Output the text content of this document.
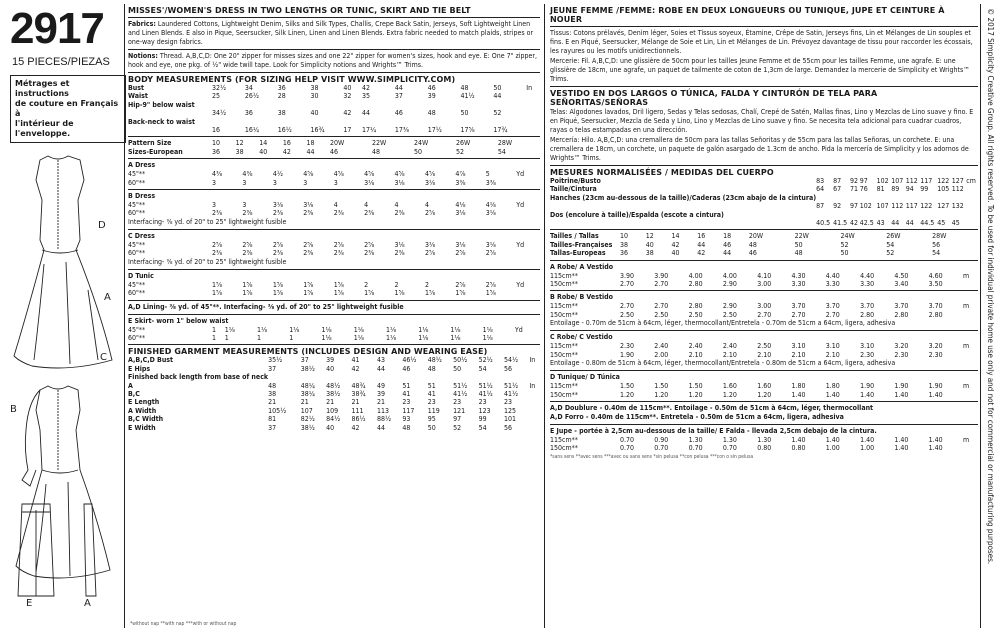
2917
15 PIECES/PIEZAS
Métrages et instructions
de couture en Français à
l'intérieur de
l'enveloppe.
D
A
C
B
E	A
MISSES'/WOMEN'S DRESS IN TWO LENGTHS OR TUNIC, SKIRT AND TIE BELT
Fabrics: Laundered Cottons, Lightweight Denim, Silks and Silk Types, Challis, Crepe Back Satin, Jerseys, Soft Lightweight Linen and Linen Blends. E also in Pique, Seersucker, Silk Linen, Linen and Linen Blends. Extra fabric needed to match plaids, stripes or one-way design fabrics.
Notions: Thread. A,B,C,D: One 20" zipper for misses sizes and one 22" zipper for women's sizes, hook and eye. E: One 7" zipper, hook and eye, one pkg. of ½" wide twill tape. Look for Simplicity notions and Wrights™ Trims.
BODY MEASUREMENTS (FOR SIZING HELP VISIT WWW.SIMPLICITY.COM)
Bust	32½	34	36	38	40	42	44	46	48	50	In
Waist	25	26½	28	30	32	35	37	39	41½	44	
Hip-9" below waist											
	34½	36	38	40	42	44	46	48	50	52	
Back-neck to waist											
	16	16¼	16½	16¾	17	17¼	17⅜	17½	17⅝	17¾	
Pattern Size	10	12	14	16	18	20W	22W	24W	26W	28W
Sizes-European	36	38	40	42	44	46	48	50	52	54
A Dress
45"**	4⅜	4⅜	4½	4⅝	4⅝	4⅝	4⅝	4⅝	4⅞	5	Yd
60"**	3	3	3	3	3	3⅛	3⅛	3⅛	3⅜	3⅜	
B Dress
45"**	3	3	3⅛	3⅛	4	4	4	4	4⅛	4⅛	Yd
60"**	2⅜	2⅜	2⅜	2⅜	2⅜	2⅜	2⅜	2⅝	3⅛	3⅛	
Interfacing- ⅜ yd. of 20" to 25" lightweight fusible
C Dress
45"**	2⅝	2⅝	2⅝	2⅝	2⅝	2⅝	3⅛	3⅛	3⅛	3⅛	Yd
60"**	2⅜	2⅜	2⅜	2⅜	2⅜	2⅜	2⅜	2⅝	2⅝	2⅝	
Interfacing- ⅜ yd. of 20" to 25" lightweight fusible
D Tunic
45"**	1⅝	1⅝	1⅝	1⅝	1⅝	2	2	2	2⅝	2⅝	Yd
60"**	1⅝	1⅝	1⅝	1⅝	1⅝	1⅝	1⅝	1⅝	1⅝	1⅝	
A,D Lining- ⅜ yd. of 45"**. Interfacing- ⅜ yd. of 20" to 25" lightweight fusible
E Skirt- worn 1" below waist
45"**	1	1⅛	1⅛	1⅛	1⅛	1⅛	1⅛	1⅛	1⅛	1⅛	Yd
60"**	1	1	1	1	1⅛	1⅛	1⅛	1⅛	1⅛	1⅛	
FINISHED GARMENT MEASUREMENTS (INCLUDES DESIGN AND WEARING EASE)
A,B,C,D Bust	35½	37	39	41	43	46½	48½	50½	52½	54½	In
E Hips	37	38½	40	42	44	46	48	50	54	56	
Finished back length from base of neck											
A	48	48¼	48½	48¾	49	51	51	51½	51½	51½	In
B,C	38	38¼	38½	38¾	39	41	41	41½	41½	41½	
E Length	21	21	21	21	21	23	23	23	23	23	
A Width	105½	107	109	111	113	117	119	121	123	125	
B,C Width	81	82½	84½	86½	88½	93	95	97	99	101	
E Width	37	38½	40	42	44	48	50	52	54	56	
JEUNE FEMME /FEMME: ROBE EN DEUX LONGUEURS OU TUNIQUE, JUPE ET CEINTURE À NOUER
Tissus: Cotons prélavés, Denim léger, Soies et Tissus soyeux, Étamine, Crêpe de Satin, Jerseys fins, Lin et Mélanges de Lin souples et fins. E en Piqué, Seersucker, Mélange de Soie et Lin, Lin et Mélanges de Lin. Prévoyez davantage de tissu pour raccorder les écossais, les rayures ou les motifs unidirectionnels.
Mercerie: Fil. A,B,C,D: une glissière de 50cm pour les tailles Jeune Femme et de 55cm pour les tailles Femme, une agrafe. E: une glissière de 18cm, une agrafe, un paquet de tailmente de coton de 1,3cm de large. Demandez la mercerie de Simplicity et Wrights™ Trims.
VESTIDO EN DOS LARGOS O TÚNICA, FALDA Y CINTURÓN DE TELA PARA SEÑORITAS/SEÑORAS
Telas: Algodones lavados, Dril ligero, Sedas y Telas sedosas, Chalí, Crepé de Satén, Mallas finas, Lino y Mezclas de Lino suave y fino. E en Piqué, Seersucker, Mezcla de Seda y Lino, Lino y Mezclas de Lino suave y fino. Se necesita tela adicional para cuadrar cuadros, rayas o telas estampadas en una dirección.
Mercería: Hilo. A,B,C,D: una cremallera de 50cm para las tallas Señoritas y de 55cm para las tallas Señoras, un corchete. E: una cremallera de 18cm, un corchete, un paquete de galón asargado de 1.3cm de ancho. Pida la mercería de Simplicity y los adornos de Wrights™ Trims.
MESURES NORMALISÉES / MEDIDAS DEL CUERPO
Poitrine/Busto	83	87	92	97	102	107	112	117	122	127	cm
Taille/Cintura	64	67	71	76	81	89	94	99	105	112	
Hanches (23cm au-dessous de la taille)/Caderas (23cm abajo de la cintura)											
	87	92	97	102	107	112	117	122	127	132	
Dos (encolure à taille)/Espalda (escote a cintura)											
	40.5	41.5	42	42.5	43	44	44	44.5	45	45	
Tailles / Tallas	10	12	14	16	18	20W	22W	24W	26W	28W
Tailles-Françaises	38	40	42	44	46	48	50	52	54	56
Tallas-Europeas	36	38	40	42	44	46	48	50	52	54
A Robe/ A Vestido
115cm**	3.90	3.90	4.00	4.00	4.10	4.30	4.40	4.40	4.50	4.60	m
150cm**	2.70	2.70	2.80	2.90	3.00	3.30	3.30	3.30	3.40	3.50	
B Robe/ B Vestido
115cm**	2.70	2.70	2.80	2.90	3.00	3.70	3.70	3.70	3.70	3.70	m
150cm**	2.50	2.50	2.50	2.50	2.70	2.70	2.70	2.80	2.80	2.80	
Entoilage - 0.70m de 51cm à 64cm, léger, thermocollant/Entretela - 0.70m de 51cm a 64cm, ligera, adhesiva
C Robe/ C Vestido
115cm**	2.30	2.40	2.40	2.40	2.50	3.10	3.10	3.10	3.20	3.20	m
150cm**	1.90	2.00	2.10	2.10	2.10	2.10	2.10	2.30	2.30	2.30	
Entoilage - 0.80m de 51cm à 64cm, léger, thermocollant/Entretela - 0.80m de 51cm a 64cm, ligera, adhesiva
D Tunique/ D Túnica
115cm**	1.50	1.50	1.50	1.60	1.60	1.80	1.80	1.90	1.90	1.90	m
150cm**	1.20	1.20	1.20	1.20	1.20	1.40	1.40	1.40	1.40	1.40	
A,D Doublure - 0.40m de 115cm**. Entoilage - 0.50m de 51cm à 64cm, léger, thermocollant
A,D Forro - 0.40m de 115cm**. Entretela - 0.50m de 51cm a 64cm, ligera, adhesiva
E Jupe - portée à 2,5cm au-dessous de la taille/ E Falda - llevada 2,5cm debajo de la cintura.
115cm**	0.70	0.90	1.30	1.30	1.30	1.40	1.40	1.40	1.40	1.40	m
150cm**	0.70	0.70	0.70	0.70	0.80	0.80	1.00	1.00	1.40	1.40	
*sans sens **avec sens ***avec ou sans sens *sin pelusa **con pelusa ***con o sin pelusa
*without nap **with nap ***with or without nap
© 2017 Simplicity Creative Group. All rights reserved. To be used for individual private home use only and not for commercial or manufacturing purposes.
